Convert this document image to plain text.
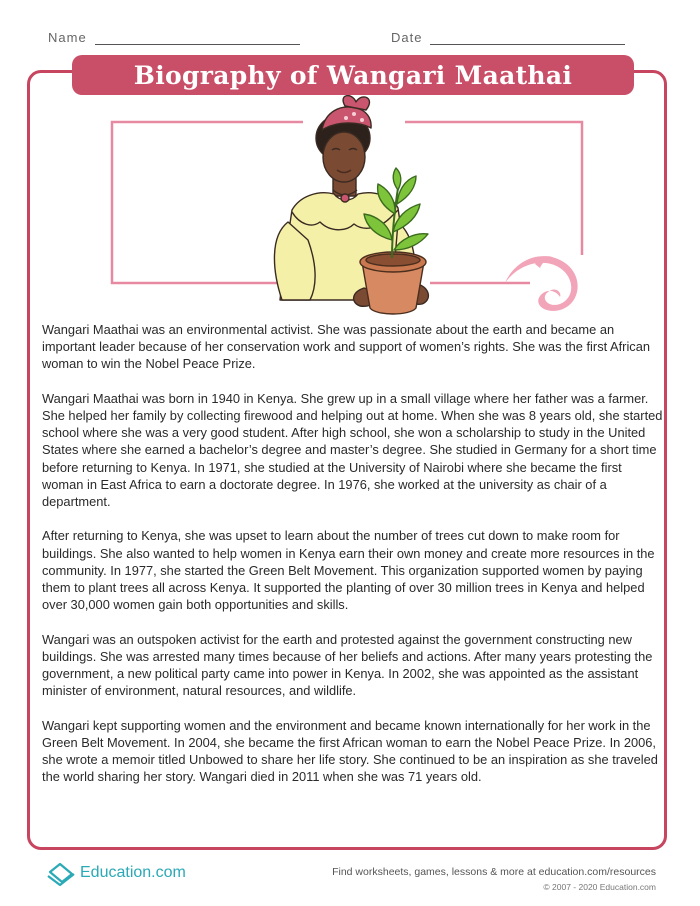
Name	Date
Biography of Wangari Maathai

Wangari Maathai was an environmental activist. She was passionate about the earth and became an important leader because of her conservation work and support of women’s rights. She was the first African woman to win the Nobel Peace Prize.

Wangari Maathai was born in 1940 in Kenya. She grew up in a small village where her father was a farmer. She helped her family by collecting firewood and helping out at home. When she was 8 years old, she started school where she was a very good student. After high school, she won a scholarship to study in the United States where she earned a bachelor’s degree and master’s degree. She studied in Germany for a short time before returning to Kenya. In 1971, she studied at the University of Nairobi where she became the first woman in East Africa to earn a doctorate degree. In 1976, she worked at the university as chair of a department.

After returning to Kenya, she was upset to learn about the number of trees cut down to make room for buildings. She also wanted to help women in Kenya earn their own money and create more resources in the community. In 1977, she started the Green Belt Movement. This organization supported women by paying them to plant trees all across Kenya. It supported the planting of over 30 million trees in Kenya and helped over 30,000 women gain both opportunities and skills.

Wangari was an outspoken activist for the earth and protested against the government constructing new buildings. She was arrested many times because of her beliefs and actions. After many years protesting the government, a new political party came into power in Kenya. In 2002, she was appointed as the assistant minister of environment, natural resources, and wildlife.

Wangari kept supporting women and the environment and became known internationally for her work in the Green Belt Movement. In 2004, she became the first African woman to earn the Nobel Peace Prize. In 2006, she wrote a memoir titled Unbowed to share her life story. She continued to be an inspiration as she traveled the world sharing her story. Wangari died in 2011 when she was 71 years old.

Education.com	Find worksheets, games, lessons & more at education.com/resources
© 2007 - 2020 Education.com
